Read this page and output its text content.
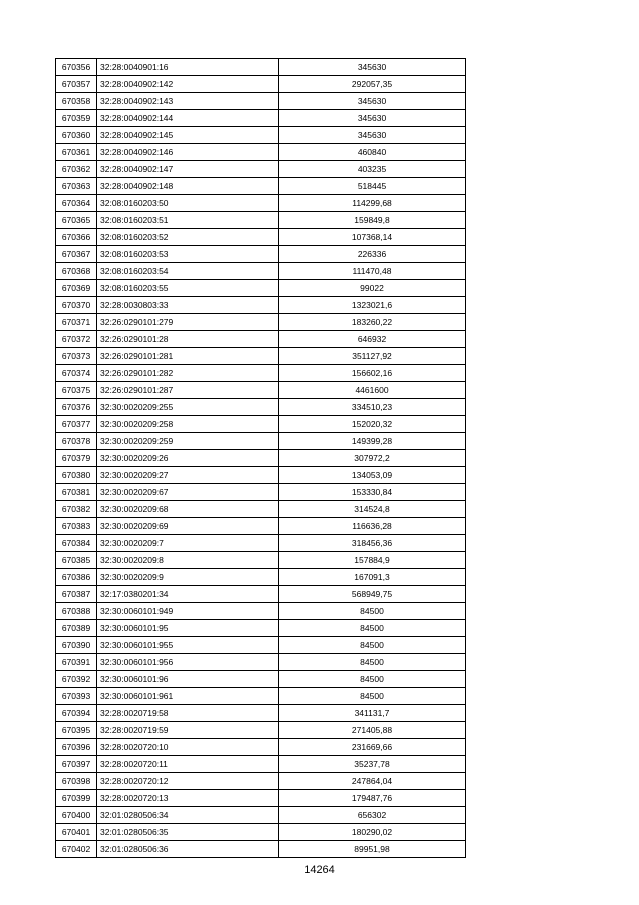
670356	32:28:0040901:16	345630
670357	32:28:0040902:142	292057,35
670358	32:28:0040902:143	345630
670359	32:28:0040902:144	345630
670360	32:28:0040902:145	345630
670361	32:28:0040902:146	460840
670362	32:28:0040902:147	403235
670363	32:28:0040902:148	518445
670364	32:08:0160203:50	114299,68
670365	32:08:0160203:51	159849,8
670366	32:08:0160203:52	107368,14
670367	32:08:0160203:53	226336
670368	32:08:0160203:54	111470,48
670369	32:08:0160203:55	99022
670370	32:28:0030803:33	1323021,6
670371	32:26:0290101:279	183260,22
670372	32:26:0290101:28	646932
670373	32:26:0290101:281	351127,92
670374	32:26:0290101:282	156602,16
670375	32:26:0290101:287	4461600
670376	32:30:0020209:255	334510,23
670377	32:30:0020209:258	152020,32
670378	32:30:0020209:259	149399,28
670379	32:30:0020209:26	307972,2
670380	32:30:0020209:27	134053,09
670381	32:30:0020209:67	153330,84
670382	32:30:0020209:68	314524,8
670383	32:30:0020209:69	116636,28
670384	32:30:0020209:7	318456,36
670385	32:30:0020209:8	157884,9
670386	32:30:0020209:9	167091,3
670387	32:17:0380201:34	568949,75
670388	32:30:0060101:949	84500
670389	32:30:0060101:95	84500
670390	32:30:0060101:955	84500
670391	32:30:0060101:956	84500
670392	32:30:0060101:96	84500
670393	32:30:0060101:961	84500
670394	32:28:0020719:58	341131,7
670395	32:28:0020719:59	271405,88
670396	32:28:0020720:10	231669,66
670397	32:28:0020720:11	35237,78
670398	32:28:0020720:12	247864,04
670399	32:28:0020720:13	179487,76
670400	32:01:0280506:34	656302
670401	32:01:0280506:35	180290,02
670402	32:01:0280506:36	89951,98
14264
